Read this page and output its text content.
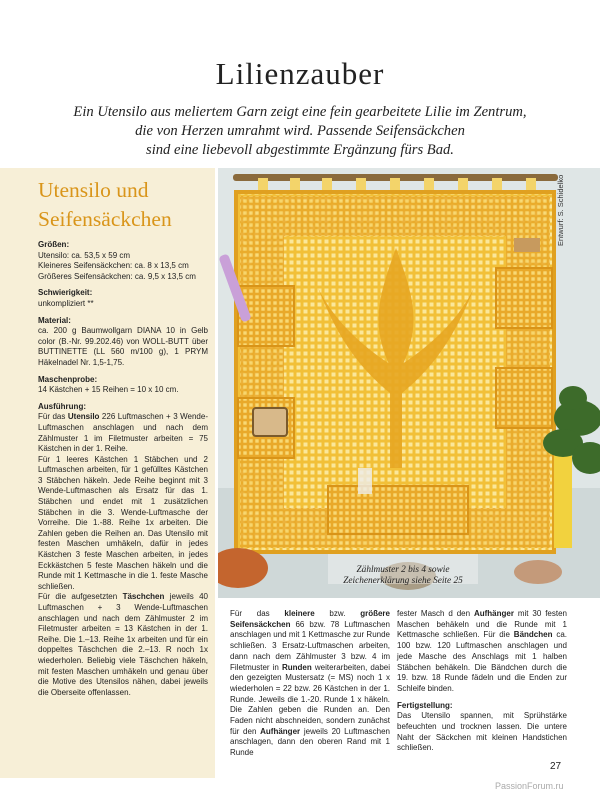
Lilienzauber
Ein Utensilo aus meliertem Garn zeigt eine fein gearbeitete Lilie im Zentrum,
die von Herzen umrahmt wird. Passende Seifensäckchen
sind eine liebevoll abgestimmte Ergänzung fürs Bad.
Utensilo und
Seifensäckchen
Größen:

Utensilo: ca. 53,5 x 59 cm

Kleineres Seifensäckchen: ca. 8 x 13,5 cm

Größeres Seifensäckchen: ca. 9,5 x 13,5 cm

Schwierigkeit:

unkompliziert **

Material:

ca. 200 g Baumwollgarn DIANA 10 in Gelb color (B.-Nr. 99.202.46) von WOLL-BUTT über BUTTINETTE (LL 560 m/100 g), 1 PRYM Häkelnadel Nr. 1,5-1,75.

Maschenprobe:

14 Kästchen + 15 Reihen = 10 x 10 cm.

Ausführung:

Für das Utensilo 226 Luftmaschen + 3 Wende-Luftmaschen anschlagen und nach dem Zählmuster 1 im Filetmuster arbeiten = 75 Kästchen in der 1. Reihe.

Für 1 leeres Kästchen 1 Stäbchen und 2 Luftmaschen arbeiten, für 1 gefülltes Kästchen 3 Stäbchen häkeln. Jede Reihe beginnt mit 3 Wende-Luftmaschen als Ersatz für das 1. Stäbchen und endet mit 1 zusätzlichen Stäbchen in die 3. Wende-Luftmasche der Vorreihe. Die 1.-88. Reihe 1x arbeiten. Die Zahlen geben die Reihen an. Das Utensilo mit festen Maschen umhäkeln, dafür in jedes Kästchen 3 feste Maschen arbeiten, in jedes Eckkästchen 5 feste Maschen häkeln und die Runde mit 1 Kettmasche in die 1. feste Masche schließen.

Für die aufgesetzten Täschchen jeweils 40 Luftmaschen + 3 Wende-Luftmaschen anschlagen und nach dem Zählmuster 2 im Filetmuster arbeiten = 13 Kästchen in der 1. Reihe. Die 1.–13. Reihe 1x arbeiten und für ein doppeltes Täschchen die 2.–13. R noch 1x wiederholen. Beliebig viele Täschchen häkeln, mit festen Maschen umhäkeln und genau über die Motive des Utensilos nähen, dabei jeweils die Oberseite offenlassen.

Entwurf: S. Schidelko
Zählmuster 2 bis 4 sowie
Zeichenerklärung siehe Seite 25

Für das kleinere bzw. größere Seifensäckchen 66 bzw. 78 Luftmaschen anschlagen und mit 1 Kettmasche zur Runde schließen. 3 Ersatz-Luftmaschen arbeiten, dann nach dem Zählmuster 3 bzw. 4 im Filetmuster in Runden weiterarbeiten, dabei den gezeigten Mustersatz (= MS) noch 1 x wiederholen = 22 bzw. 26 Kästchen in der 1. Runde. Jeweils die 1.-20. Runde 1 x häkeln. Die Zahlen geben die Runden an. Den Faden nicht abschneiden, sondern zunächst für den Aufhänger jeweils 20 Luftmaschen anschlagen, dann den oberen Rand mit 1 Runde

fester Masch d den Aufhänger mit 30 festen Maschen behäkeln und die Runde mit 1 Kettmasche schließen. Für die Bändchen ca. 100 bzw. 120 Luftmaschen anschlagen und jede Masche des Anschlags mit 1 halben Stäbchen behäkeln. Die Bändchen durch die 19. bzw. 18 Runde fädeln und die Enden zur Schleife binden.

Fertigstellung:

Das Utensilo spannen, mit Sprühstärke befeuchten und trocknen lassen. Die untere Naht der Säckchen mit kleinen Handstichen schließen.

27
PassionForum.ru
